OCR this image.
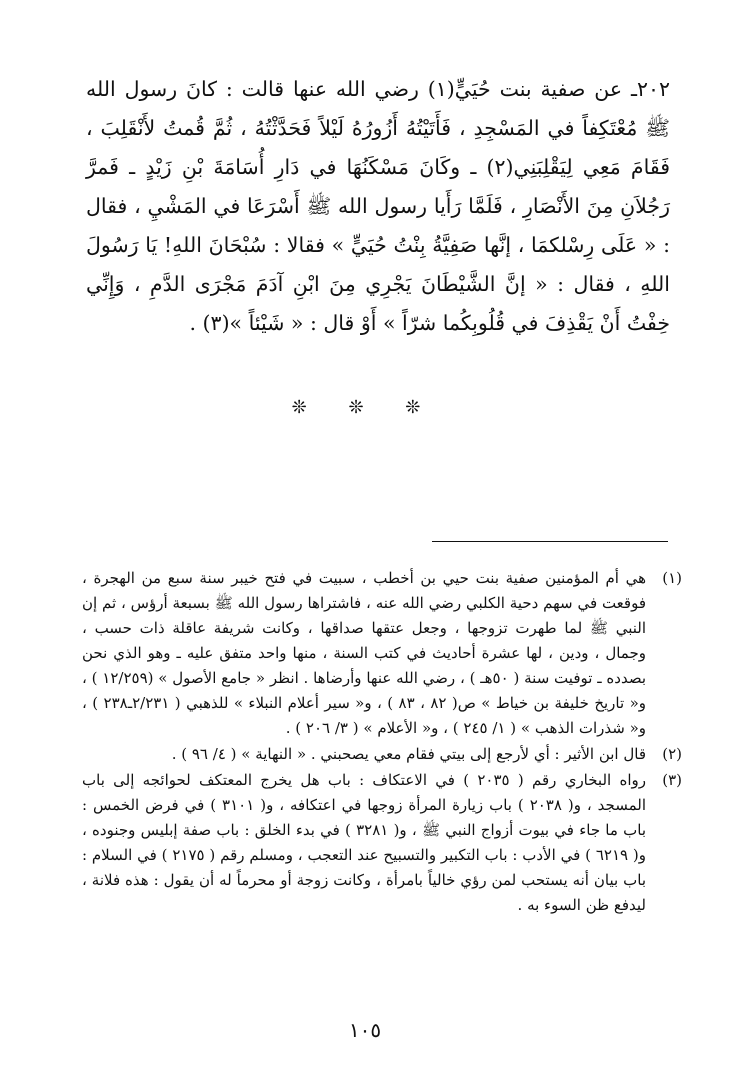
٢٠٢ـ عن صفية بنت حُيَيٍّ(١) رضي الله عنها قالت : كانَ رسول الله ﷺ مُعْتَكِفاً في المَسْجِدِ ، فَأَتَيْتُهُ أَزُورُهُ لَيْلاً فَحَدَّثْتُهُ ، ثُمَّ قُمتُ لأَنْقَلِبَ ، فَقَامَ مَعِي لِيَقْلِبَنِي(٢) ـ وكَانَ مَسْكَنُهَا في دَارِ أُسَامَةَ بْنِ زَيْدٍ ـ فَمرَّ رَجُلاَنِ مِنَ الأَنْصَارِ ، فَلَمَّا رَأَيا رسول الله ﷺ أَسْرَعَا في المَشْيِ ، فقال : « عَلَى رِسْلكمَا ، إنَّها صَفِيَّةُ بِنْتُ حُيَيٍّ » فقالا : سُبْحَانَ اللهِ! يَا رَسُولَ اللهِ ، فقال : « إنَّ الشَّيْطَانَ يَجْرِي مِنَ ابْنِ آدَمَ مَجْرَى الدَّمِ ، وَإِنِّي خِفْتُ أَنْ يَقْذِفَ في قُلُوبِكُما شرّاً » أَوْ قال : « شَيْئاً »(٣) .

❊ ❊ ❊
(١)
هي أم المؤمنين صفية بنت حيي بن أخطب ، سبيت في فتح خيبر سنة سبع من الهجرة ، فوقعت في سهم دحية الكلبي رضي الله عنه ، فاشتراها رسول الله ﷺ بسبعة أرؤس ، ثم إن النبي ﷺ لما طهرت تزوجها ، وجعل عتقها صداقها ، وكانت شريفة عاقلة ذات حسب ، وجمال ، ودين ، لها عشرة أحاديث في كتب السنة ، منها واحد متفق عليه ـ وهو الذي نحن بصدده ـ توفيت سنة ( ٥٠هـ ) ، رضي الله عنها وأرضاها . انظر « جامع الأصول » (١٢/٢٥٩ ) ، و« تاريخ خليفة بن خياط » ص( ٨٢ ، ٨٣ ) ، و« سير أعلام النبلاء » للذهبي ( ٢/٢٣١ـ٢٣٨ ) ، و« شذرات الذهب » ( ١/ ٢٤٥ ) ، و« الأعلام » ( ٣/ ٢٠٦ ) .
(٢)
قال ابن الأثير : أي لأرجع إلى بيتي فقام معي يصحبني . « النهاية » ( ٤/ ٩٦ ) .
(٣)
رواه البخاري رقم ( ٢٠٣٥ ) في الاعتكاف : باب هل يخرج المعتكف لحوائجه إلى باب المسجد ، و( ٢٠٣٨ ) باب زيارة المرأة زوجها في اعتكافه ، و( ٣١٠١ ) في فرض الخمس : باب ما جاء في بيوت أزواج النبي ﷺ ، و( ٣٢٨١ ) في بدء الخلق : باب صفة إبليس وجنوده ، و( ٦٢١٩ ) في الأدب : باب التكبير والتسبيح عند التعجب ، ومسلم رقم ( ٢١٧٥ ) في السلام : باب بيان أنه يستحب لمن رؤي خالياً بامرأة ، وكانت زوجة أو محرماً له أن يقول : هذه فلانة ، ليدفع ظن السوء به .
١٠٥
